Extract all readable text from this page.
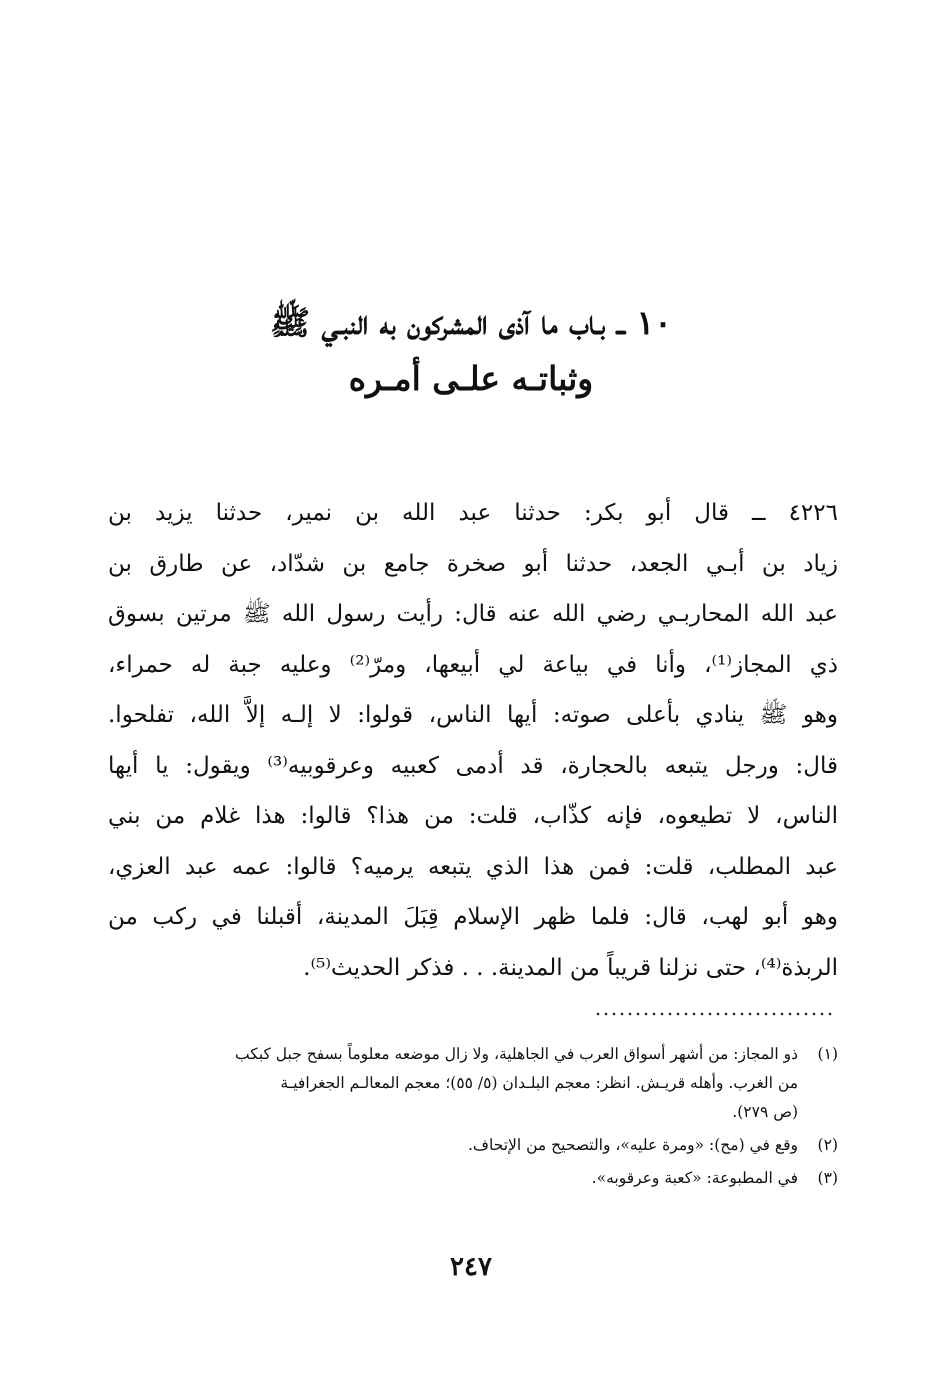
١٠ ــ بـاب ما آذى المشركون به النبـي ﷺ
وثباتـه علـى أمـره
٤٢٢٦ ــ قال أبو بكر: حدثنا عبد الله بن نمير، حدثنا يزيد بن
زياد بن أبـي الجعد، حدثنا أبو صخرة جامع بن شدّاد، عن طارق بن
عبد الله المحاربـي رضي الله عنه قال: رأيت رسول الله ﷺ مرتين بسوق
ذي المجاز⁽¹⁾، وأنا في بياعة لي أبيعها، ومرّ⁽²⁾ وعليه جبة له حمراء،
وهو ﷺ ينادي بأعلى صوته: أيها الناس، قولوا: لا إلـه إلاَّ الله، تفلحوا.
قال: ورجل يتبعه بالحجارة، قد أدمى كعبيه وعرقوبيه⁽³⁾ ويقول: يا أيها
الناس، لا تطيعوه، فإنه كذّاب، قلت: من هذا؟ قالوا: هذا غلام من بني
عبد المطلب، قلت: فمن هذا الذي يتبعه يرميه؟ قالوا: عمه عبد العزي،
وهو أبو لهب، قال: فلما ظهر الإسلام قِبَلَ المدينة، أقبلنا في ركب من
الربذة⁽⁴⁾، حتى نزلنا قريباً من المدينة. . . فذكر الحديث⁽⁵⁾.
(١)
ذو المجاز: من أشهر أسواق العرب في الجاهلية، ولا زال موضعه معلوماً بسفح جبل كبكب
من الغرب. وأهله قريـش. انظر: معجم البلـدان (٥/ ٥٥)؛ معجم المعالـم الجغرافيـة
(ص ٢٧٩).
(٢)
وقع في (مح): «ومرة عليه»، والتصحيح من الإتحاف.
(٣)
في المطبوعة: «كعبة وعرقوبه».
٢٤٧
